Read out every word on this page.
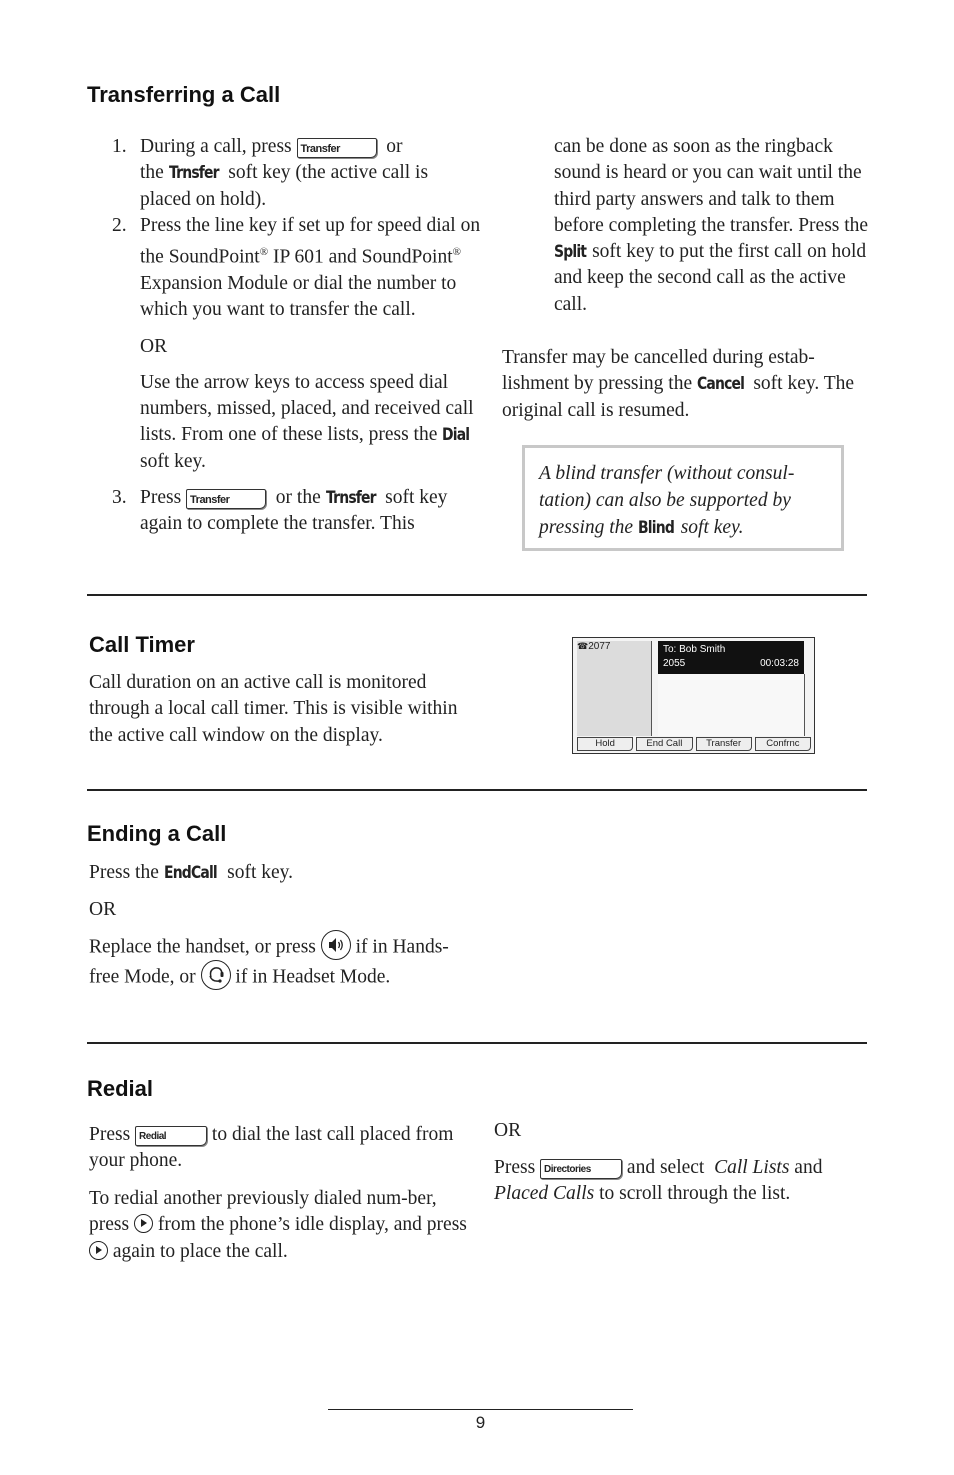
Transferring a Call
1. During a call, press Transfer or
the Trnsfer soft key (the active call is placed on hold).
2. Press the line key if set up for speed dial on the SoundPoint® IP 601 and SoundPoint® Expansion Module or dial the number to which you want to transfer the call.
OR
Use the arrow keys to access speed dial numbers, missed, placed, and received call lists. From one of these lists, press the Dial soft key.
3. Press Transfer or the Trnsfer soft key again to complete the transfer. This
can be done as soon as the ringback sound is heard or you can wait until the third party answers and talk to them before completing the transfer. Press the Split soft key to put the first call on hold and keep the second call as the active call.
Transfer may be cancelled during estab-lishment by pressing the Cancel soft key. The original call is resumed.
A blind transfer (without consul-tation) can also be supported by pressing the Blind soft key.
Call Timer
Call duration on an active call is monitored through a local call timer. This is visible within the active call window on the display.
☎2077	To: Bob Smith
2055	00:03:28
Hold	End Call	Transfer	Confrnc
Ending a Call
Press the EndCall soft key.
OR
Replace the handset, or press if in Hands-free Mode, or if in Headset Mode.
Redial
Press Redial to dial the last call placed from your phone.
To redial another previously dialed num-ber, press from the phone’s idle display, and press  again to place the call.
OR
Press Directories and select Call Lists and Placed Calls to scroll through the list.
9
